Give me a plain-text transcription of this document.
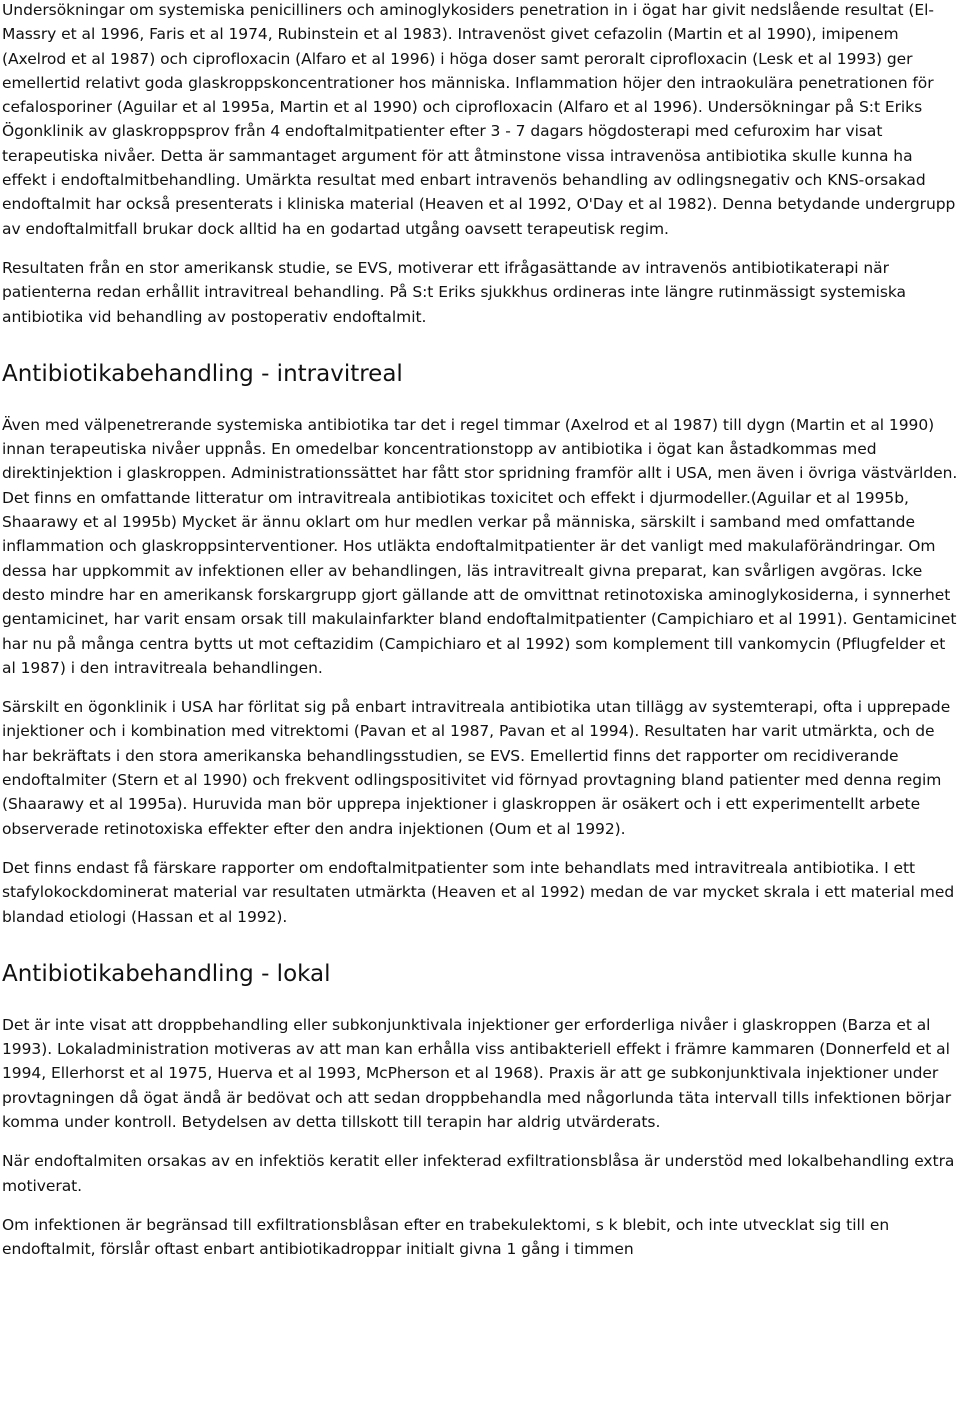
Undersökningar om systemiska penicilliners och aminoglykosiders penetration in i ögat har givit nedslående resultat (El-Massry et al 1996, Faris et al 1974, Rubinstein et al 1983). Intravenöst givet cefazolin (Martin et al 1990), imipenem (Axelrod et al 1987) och ciprofloxacin (Alfaro et al 1996) i höga doser samt peroralt ciprofloxacin (Lesk et al 1993) ger emellertid relativt goda glaskroppskoncentrationer hos människa. Inflammation höjer den intraokulära penetrationen för cefalosporiner (Aguilar et al 1995a, Martin et al 1990) och ciprofloxacin (Alfaro et al 1996). Undersökningar på S:t Eriks Ögonklinik av glaskroppsprov från 4 endoftalmitpatienter efter 3 - 7 dagars högdosterapi med cefuroxim har visat terapeutiska nivåer. Detta är sammantaget argument för att åtminstone vissa intravenösa antibiotika skulle kunna ha effekt i endoftalmitbehandling. Umärkta resultat med enbart intravenös behandling av odlingsnegativ och KNS-orsakad endoftalmit har också presenterats i kliniska material (Heaven et al 1992, O'Day et al 1982). Denna betydande undergrupp av endoftalmitfall brukar dock alltid ha en godartad utgång oavsett terapeutisk regim.

Resultaten från en stor amerikansk studie, se EVS, motiverar ett ifrågasättande av intravenös antibiotikaterapi när patienterna redan erhållit intravitreal behandling. På S:t Eriks sjukkhus ordineras inte längre rutinmässigt systemiska antibiotika vid behandling av postoperativ endoftalmit.

Antibiotikabehandling - intravitreal

Även med välpenetrerande systemiska antibiotika tar det i regel timmar (Axelrod et al 1987) till dygn (Martin et al 1990) innan terapeutiska nivåer uppnås. En omedelbar koncentrationstopp av antibiotika i ögat kan åstadkommas med direktinjektion i glaskroppen. Administrationssättet har fått stor spridning framför allt i USA, men även i övriga västvärlden. Det finns en omfattande litteratur om intravitreala antibiotikas toxicitet och effekt i djurmodeller.(Aguilar et al 1995b, Shaarawy et al 1995b) Mycket är ännu oklart om hur medlen verkar på människa, särskilt i samband med omfattande inflammation och glaskroppsinterventioner. Hos utläkta endoftalmitpatienter är det vanligt med makulaförändringar. Om dessa har uppkommit av infektionen eller av behandlingen, läs intravitrealt givna preparat, kan svårligen avgöras. Icke desto mindre har en amerikansk forskargrupp gjort gällande att de omvittnat retinotoxiska aminoglykosiderna, i synnerhet gentamicinet, har varit ensam orsak till makulainfarkter bland endoftalmitpatienter (Campichiaro et al 1991). Gentamicinet har nu på många centra bytts ut mot ceftazidim (Campichiaro et al 1992) som komplement till vankomycin (Pflugfelder et al 1987) i den intravitreala behandlingen.

Särskilt en ögonklinik i USA har förlitat sig på enbart intravitreala antibiotika utan tillägg av systemterapi, ofta i upprepade injektioner och i kombination med vitrektomi (Pavan et al 1987, Pavan et al 1994). Resultaten har varit utmärkta, och de har bekräftats i den stora amerikanska behandlingsstudien, se EVS. Emellertid finns det rapporter om recidiverande endoftalmiter (Stern et al 1990) och frekvent odlingspositivitet vid förnyad provtagning bland patienter med denna regim (Shaarawy et al 1995a). Huruvida man bör upprepa injektioner i glaskroppen är osäkert och i ett experimentellt arbete observerade retinotoxiska effekter efter den andra injektionen (Oum et al 1992).

Det finns endast få färskare rapporter om endoftalmitpatienter som inte behandlats med intravitreala antibiotika. I ett stafylokockdominerat material var resultaten utmärkta (Heaven et al 1992) medan de var mycket skrala i ett material med blandad etiologi (Hassan et al 1992).

Antibiotikabehandling - lokal

Det är inte visat att droppbehandling eller subkonjunktivala injektioner ger erforderliga nivåer i glaskroppen (Barza et al 1993). Lokaladministration motiveras av att man kan erhålla viss antibakteriell effekt i främre kammaren (Donnerfeld et al 1994, Ellerhorst et al 1975, Huerva et al 1993, McPherson et al 1968). Praxis är att ge subkonjunktivala injektioner under provtagningen då ögat ändå är bedövat och att sedan droppbehandla med någorlunda täta intervall tills infektionen börjar komma under kontroll. Betydelsen av detta tillskott till terapin har aldrig utvärderats.

När endoftalmiten orsakas av en infektiös keratit eller infekterad exfiltrationsblåsa är understöd med lokalbehandling extra motiverat.

Om infektionen är begränsad till exfiltrationsblåsan efter en trabekulektomi, s k blebit, och inte utvecklat sig till en endoftalmit, förslår oftast enbart antibiotikadroppar initialt givna 1 gång i timmen
